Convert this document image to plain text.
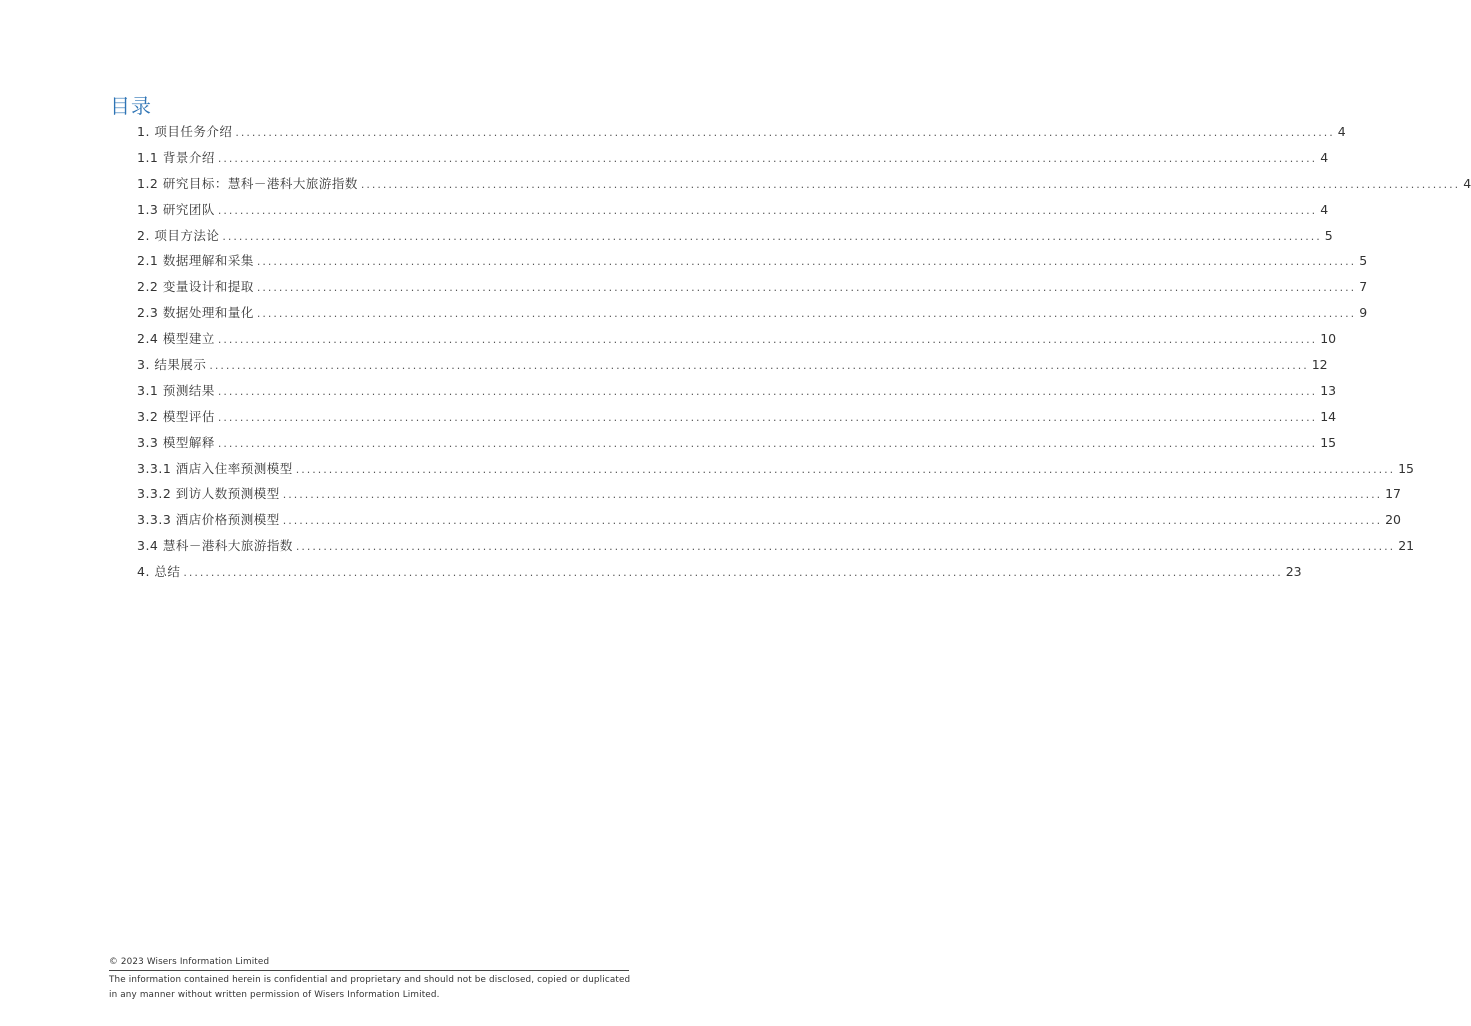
目录
1. 项目任务介绍 ........................................................................................................................................................................................................ 4
1.1 背景介绍 ........................................................................................................................................................................................................ 4
1.2 研究目标：慧科－港科大旅游指数 ........................................................................................................................................................................................................ 4
1.3 研究团队 ........................................................................................................................................................................................................ 4
2. 项目方法论 ........................................................................................................................................................................................................ 5
2.1 数据理解和采集 ........................................................................................................................................................................................................ 5
2.2 变量设计和提取 ........................................................................................................................................................................................................ 7
2.3 数据处理和量化 ........................................................................................................................................................................................................ 9
2.4 模型建立 ........................................................................................................................................................................................................ 10
3. 结果展示 ........................................................................................................................................................................................................ 12
3.1 预测结果 ........................................................................................................................................................................................................ 13
3.2 模型评估 ........................................................................................................................................................................................................ 14
3.3 模型解释 ........................................................................................................................................................................................................ 15
3.3.1 酒店入住率预测模型 ........................................................................................................................................................................................................ 15
3.3.2 到访人数预测模型 ........................................................................................................................................................................................................ 17
3.3.3 酒店价格预测模型 ........................................................................................................................................................................................................ 20
3.4 慧科－港科大旅游指数 ........................................................................................................................................................................................................ 21
4. 总结 ........................................................................................................................................................................................................ 23
© 2023 Wisers Information Limited
The information contained herein is confidential and proprietary and should not be disclosed, copied or duplicated
in any manner without written permission of Wisers Information Limited.
